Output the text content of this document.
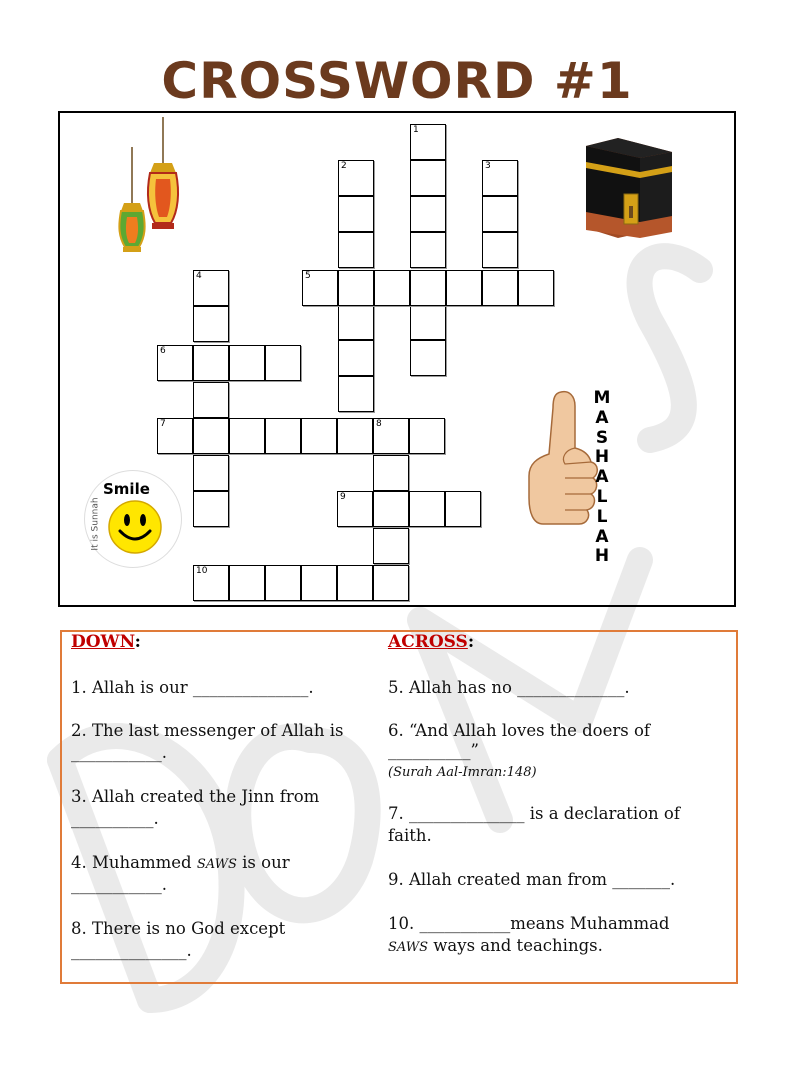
CROSSWORD #1
1
2	3
5
4
6
7	8
9
10
Smile
It is Sunnah
M
A
S
H
A
L
L
A
H
DOWN:	ACROSS:
1. Allah is our ______________.
2. The last messenger of Allah is
___________.
3. Allah created the Jinn from
__________.
4. Muhammed SAWS is our
___________.
8. There is no God except
______________.
5. Allah has no _____________.
6. “And Allah loves the doers of
__________”
(Surah Aal-Imran:148)
7. ______________ is a declaration of
faith.
9. Allah created man from _______.
10. ___________means Muhammad
SAWS ways and teachings.
